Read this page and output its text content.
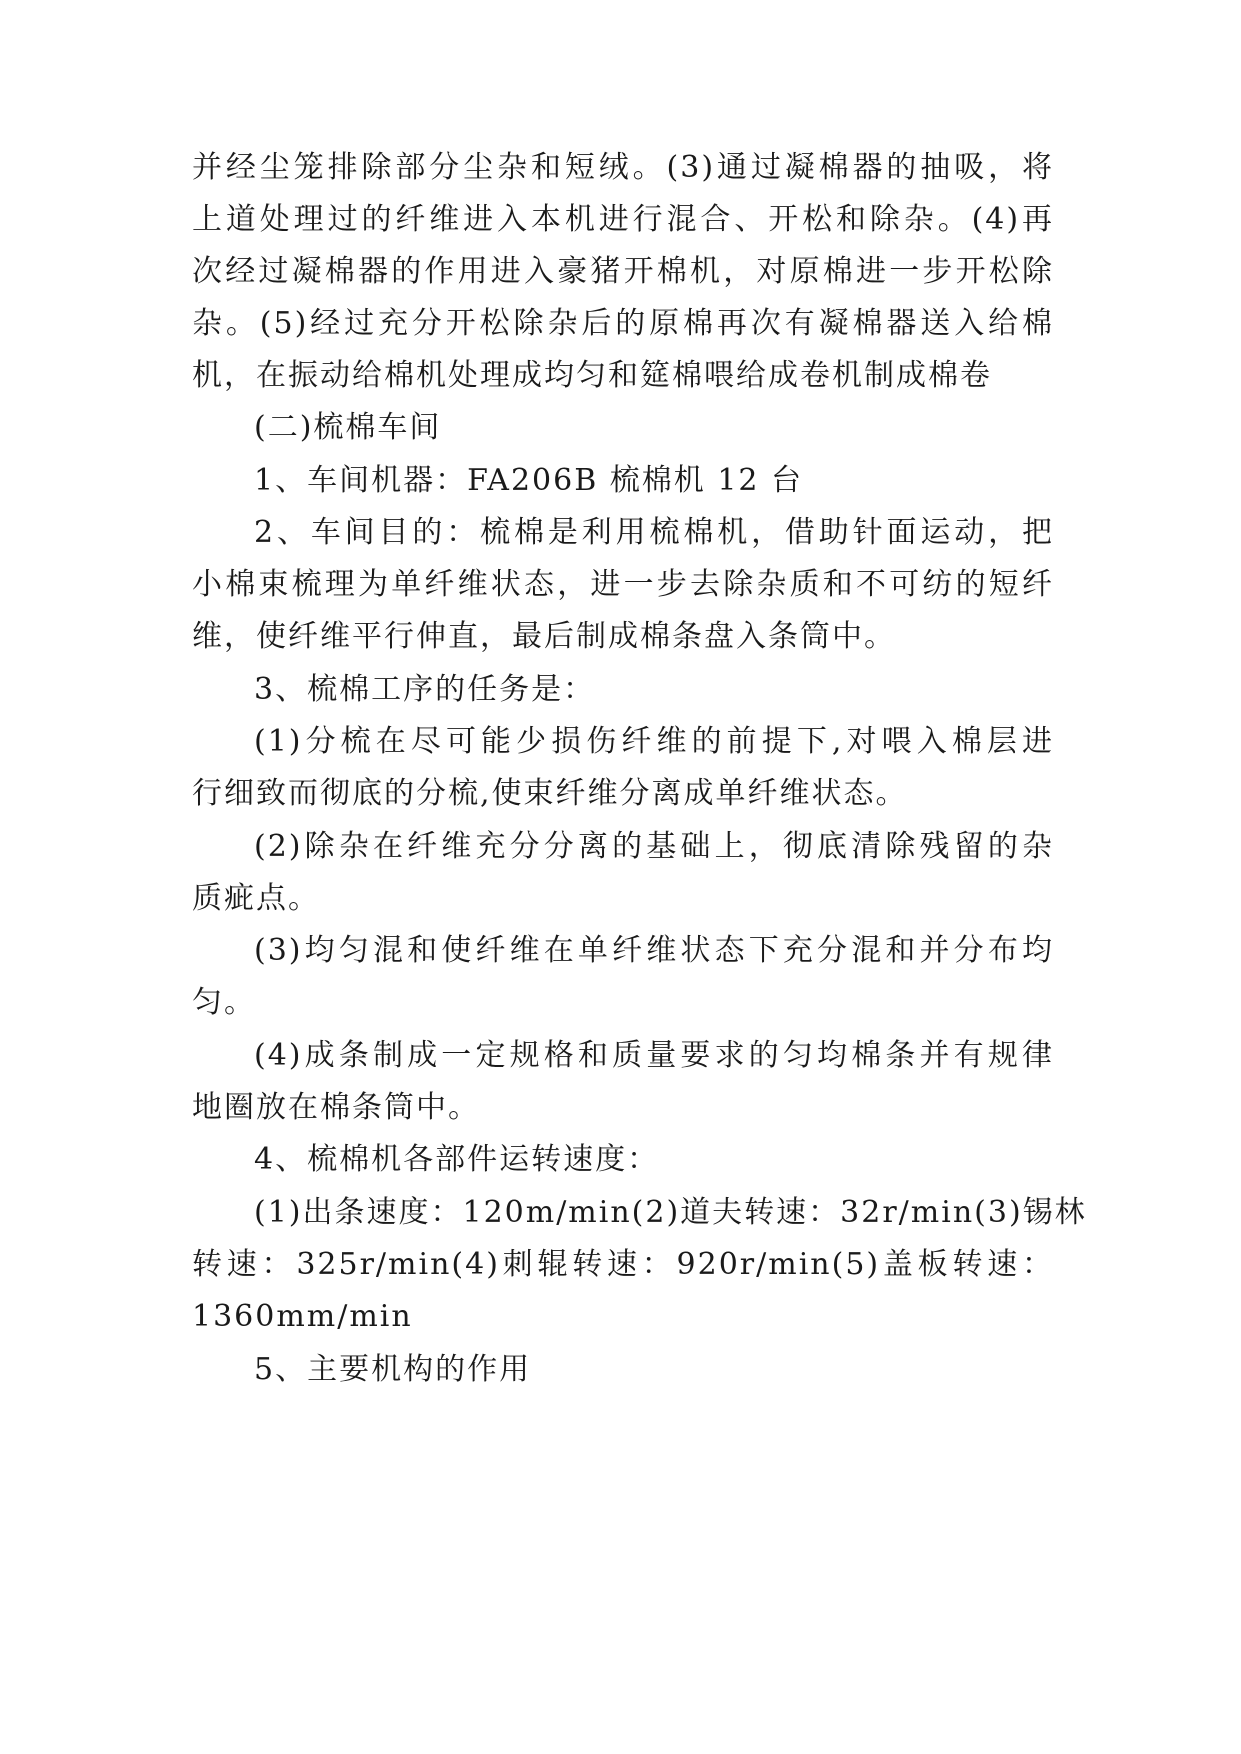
并经尘笼排除部分尘杂和短绒。(3)通过凝棉器的抽吸，将
上道处理过的纤维进入本机进行混合、开松和除杂。(4)再
次经过凝棉器的作用进入豪猪开棉机，对原棉进一步开松除
杂。(5)经过充分开松除杂后的原棉再次有凝棉器送入给棉
机，在振动给棉机处理成均匀和筵棉喂给成卷机制成棉卷
(二)梳棉车间
1、车间机器：FA206B 梳棉机 12 台
2、车间目的：梳棉是利用梳棉机，借助针面运动，把
小棉束梳理为单纤维状态，进一步去除杂质和不可纺的短纤
维，使纤维平行伸直，最后制成棉条盘入条筒中。
3、梳棉工序的任务是：
(1)分梳在尽可能少损伤纤维的前提下,对喂入棉层进
行细致而彻底的分梳,使束纤维分离成单纤维状态。
(2)除杂在纤维充分分离的基础上，彻底清除残留的杂
质疵点。
(3)均匀混和使纤维在单纤维状态下充分混和并分布均
匀。
(4)成条制成一定规格和质量要求的匀均棉条并有规律
地圈放在棉条筒中。
4、梳棉机各部件运转速度：
(1)出条速度：120m/min(2)道夫转速：32r/min(3)锡林
转速：325r/min(4)刺辊转速：920r/min(5)盖板转速：
1360mm/min
5、主要机构的作用
